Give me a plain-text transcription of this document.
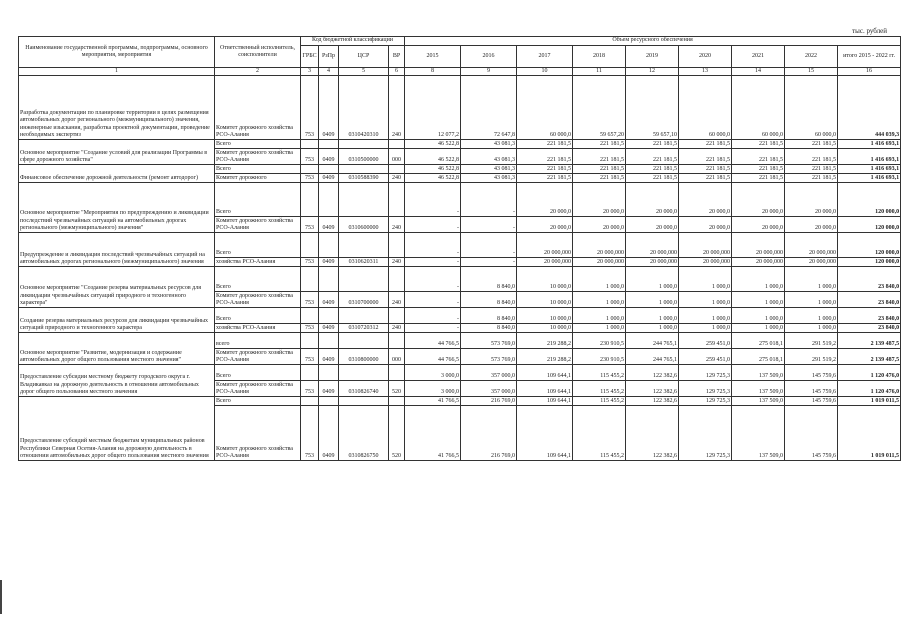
тыс. рублей
Наименование государственной программы, подпрограммы, основного мероприятия, мероприятия	Ответственный исполнитель, соисполнители	Код бюджетной классификации				Объем ресурсного обеспечения								
		ГРБС	РзПр	ЦСР	ВР	2015	2016	2017	2018	2019	2020	2021	2022	итого 2015 - 2022 гг.
1	2	3	4	5	6	8	9	10	11	12	13	14	15	16
Разработка документации по планировке территории в целях размещения автомобильных дорог регионального (межмуниципального) значения, инженерные изыскания, разработка проектной документации, проведение необходимых экспертиз	Комитет дорожного хозяйства РСО-Алания	753	0409	0310420310	240	12 077,2	72 647,8	60 000,0	59 657,20	59 657,10	60 000,0	60 000,0	60 000,0	444 039,3
Основное мероприятие "Создание условий для реализации Программы в сфере дорожного хозяйства"	Всего					46 522,8	43 081,3	221 181,5	221 181,5	221 181,5	221 181,5	221 181,5	221 181,5	1 416 693,1
	Комитет дорожного хозяйства РСО-Алания	753	0409	0310500000	000	46 522,8	43 081,3	221 181,5	221 181,5	221 181,5	221 181,5	221 181,5	221 181,5	1 416 693,1
Финансовое обеспечение дорожной деятельности (ремонт автодорог)	Всего					46 522,8	43 081,3	221 181,5	221 181,5	221 181,5	221 181,5	221 181,5	221 181,5	1 416 693,1
	Комитет дорожного	753	0409	0310588390	240	46 522,8	43 081,3	221 181,5	221 181,5	221 181,5	221 181,5	221 181,5	221 181,5	1 416 693,1
Основное мероприятие "Мероприятия по предупреждению и ликвидации последствий чрезвычайных ситуаций на автомобильных дорогах регионального (межмуниципального) значения"	Всего					-	-	20 000,0	20 000,0	20 000,0	20 000,0	20 000,0	20 000,0	120 000,0
	Комитет дорожного хозяйства РСО-Алания	753	0409	0310600000	240	-	-	20 000,0	20 000,0	20 000,0	20 000,0	20 000,0	20 000,0	120 000,0
Предупреждение и ликвидация последствий чрезвычайных ситуаций на автомобильных дорогах регионального (межмуниципального) значения	Всего					-	-	20 000,000	20 000,000	20 000,000	20 000,000	20 000,000	20 000,000	120 000,0
	хозяйства РСО-Алания	753	0409	0310620311	240	-	-	20 000,000	20 000,000	20 000,000	20 000,000	20 000,000	20 000,000	120 000,0
Основное мероприятие "Создание резерва материальных ресурсов для ликвидации чрезвычайных ситуаций природного и техногенного характера"	Всего					-	8 840,0	10 000,0	1 000,0	1 000,0	1 000,0	1 000,0	1 000,0	23 840,0
	Комитет дорожного хозяйства РСО-Алания	753	0409	0310700000	240	-	8 840,0	10 000,0	1 000,0	1 000,0	1 000,0	1 000,0	1 000,0	23 840,0
Создание резерва материальных ресурсов для ликвидации чрезвычайных ситуаций природного и техногенного характера	Всего					-	8 840,0	10 000,0	1 000,0	1 000,0	1 000,0	1 000,0	1 000,0	23 840,0
	хозяйства РСО-Алания	753	0409	0310720312	240	-	8 840,0	10 000,0	1 000,0	1 000,0	1 000,0	1 000,0	1 000,0	23 840,0
Основное мероприятие "Развитие, модернизация и содержание автомобильных дорог общего пользования местного значения"	всего					44 766,5	573 769,0	219 288,2	230 910,5	244 765,1	259 451,0	275 018,1	291 519,2	2 139 487,5
	Комитет дорожного хозяйства РСО-Алания	753	0409	0310800000	000	44 766,5	573 769,0	219 288,2	230 910,5	244 765,1	259 451,0	275 018,1	291 519,2	2 139 487,5
Предоставление субсидии местному бюджету городского округа г. Владикавказ на дорожную деятельность в отношении автомобильных дорог общего пользования местного значения	Всего					3 000,0	357 000,0	109 644,1	115 455,2	122 382,6	129 725,3	137 509,0	145 759,6	1 120 476,0
	Комитет дорожного хозяйства РСО-Алания	753	0409	0310826740	520	3 000,0	357 000,0	109 644,1	115 455,2	122 382,6	129 725,3	137 509,0	145 759,6	1 120 476,0
Предоставление субсидий местным бюджетам муниципальных районов Республики Северная Осетия-Алания на дорожную деятельность в отношении автомобильных дорог общего пользования местного значения	Всего					41 766,5	216 769,0	109 644,1	115 455,2	122 382,6	129 725,3	137 509,0	145 759,6	1 019 011,5
	Комитет дорожного хозяйства РСО-Алания	753	0409	0310826750	520	41 766,5	216 769,0	109 644,1	115 455,2	122 382,6	129 725,3	137 509,0	145 759,6	1 019 011,5
